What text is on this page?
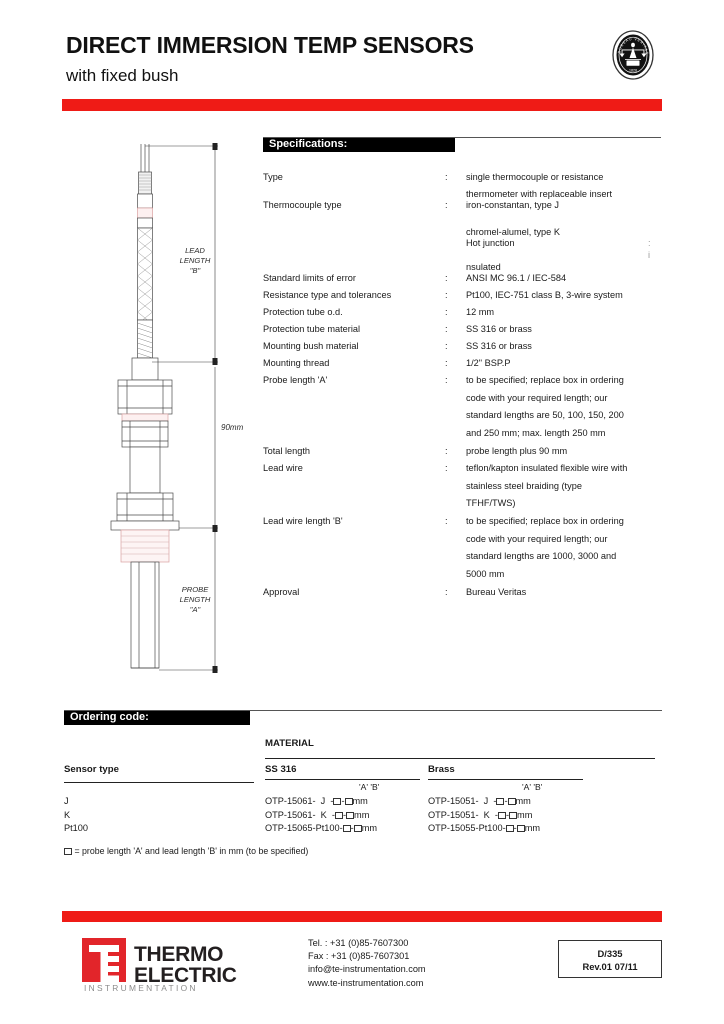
DIRECT IMMERSION TEMP SENSORS
with fixed bush
BUREAU VERITAS
1828
LEAD
LENGTH
"B"
90mm
PROBE
LENGTH
"A"
Specifications:
Type	: single thermocouple or resistance
thermometer with replaceable insert
Thermocouple type	: iron-constantan, type J
chromel-alumel, type K
Hot junction	:
i
nsulated
Standard limits of error	: ANSI MC 96.1 / IEC-584
Resistance type and tolerances	: Pt100, IEC-751 class B, 3-wire system
Protection tube o.d.	: 12 mm
Protection tube material	: SS 316 or brass
Mounting bush material	: SS 316 or brass
Mounting thread	: 1/2" BSP.P
Probe length 'A'	: to be specified; replace box in ordering
code with your required length; our
standard lengths are 50, 100, 150, 200
and 250 mm; max. length 250 mm
Total length	: probe length plus 90 mm
Lead wire	: teflon/kapton insulated flexible wire with
stainless steel braiding (type
TFHF/TWS)
Lead wire length 'B'	: to be specified; replace box in ordering
code with your required length; our
standard lengths are 1000, 3000 and
5000 mm
Approval	: Bureau Veritas
Ordering code:
MATERIAL
Sensor type	SS 316	Brass
'A' 'B'	'A' 'B'
J	OTP-15061- J  - - mm	OTP-15051- J  - - mm
K	OTP-15061- K  - - mm	OTP-15051- K  - - mm
Pt100	OTP-15065-Pt100- - mm	OTP-15055-Pt100- - mm
= probe length 'A' and lead length 'B' in mm (to be specified)
THERMO
ELECTRIC
INSTRUMENTATION
Tel. : +31 (0)85-7607300
Fax : +31 (0)85-7607301
info@te-instrumentation.com
www.te-instrumentation.com
D/335
Rev.01 07/11
